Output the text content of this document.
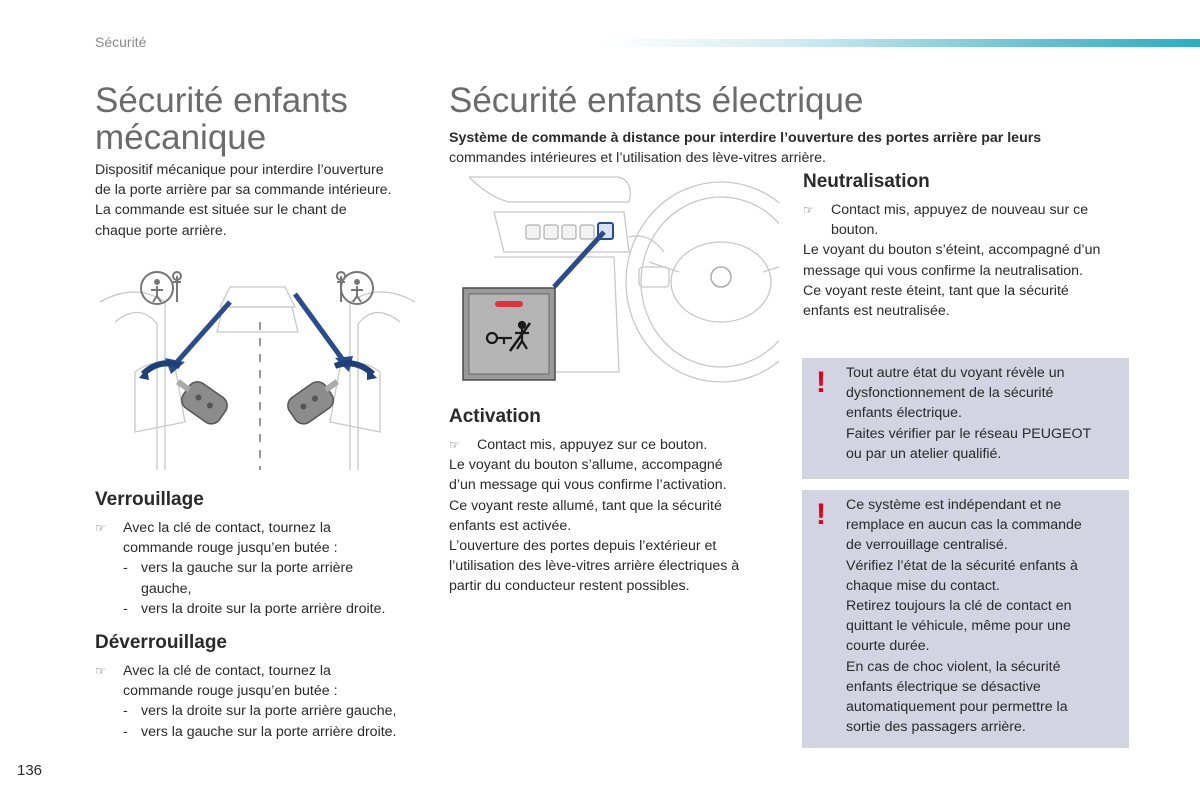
Sécurité
Sécurité enfants
mécanique

Dispositif mécanique pour interdire l’ouverture

de la porte arrière par sa commande intérieure.

La commande est située sur le chant de

chaque porte arrière.

Verrouillage

☞ Avec la clé de contact, tournez la

commande rouge jusqu’en butée :

- vers la gauche sur la porte arrière

gauche,

- vers la droite sur la porte arrière droite.

Déverrouillage

☞ Avec la clé de contact, tournez la

commande rouge jusqu’en butée :

- vers la droite sur la porte arrière gauche,

- vers la gauche sur la porte arrière droite.

Sécurité enfants électrique

Système de commande à distance pour interdire l’ouverture des portes arrière par leurs

commandes intérieures et l’utilisation des lève-vitres arrière.

Activation

☞ Contact mis, appuyez sur ce bouton.

Le voyant du bouton s’allume, accompagné

d’un message qui vous confirme l’activation.

Ce voyant reste allumé, tant que la sécurité

enfants est activée.

L’ouverture des portes depuis l’extérieur et

l’utilisation des lève-vitres arrière électriques à

partir du conducteur restent possibles.

Neutralisation

☞ Contact mis, appuyez de nouveau sur ce

bouton.

Le voyant du bouton s’éteint, accompagné d’un

message qui vous confirme la neutralisation.

Ce voyant reste éteint, tant que la sécurité

enfants est neutralisée.

! Tout autre état du voyant révèle un

dysfonctionnement de la sécurité

enfants électrique.

Faites vérifier par le réseau PEUGEOT

ou par un atelier qualifié.

! Ce système est indépendant et ne

remplace en aucun cas la commande

de verrouillage centralisé.

Vérifiez l’état de la sécurité enfants à

chaque mise du contact.

Retirez toujours la clé de contact en

quittant le véhicule, même pour une

courte durée.

En cas de choc violent, la sécurité

enfants électrique se désactive

automatiquement pour permettre la

sortie des passagers arrière.

136
